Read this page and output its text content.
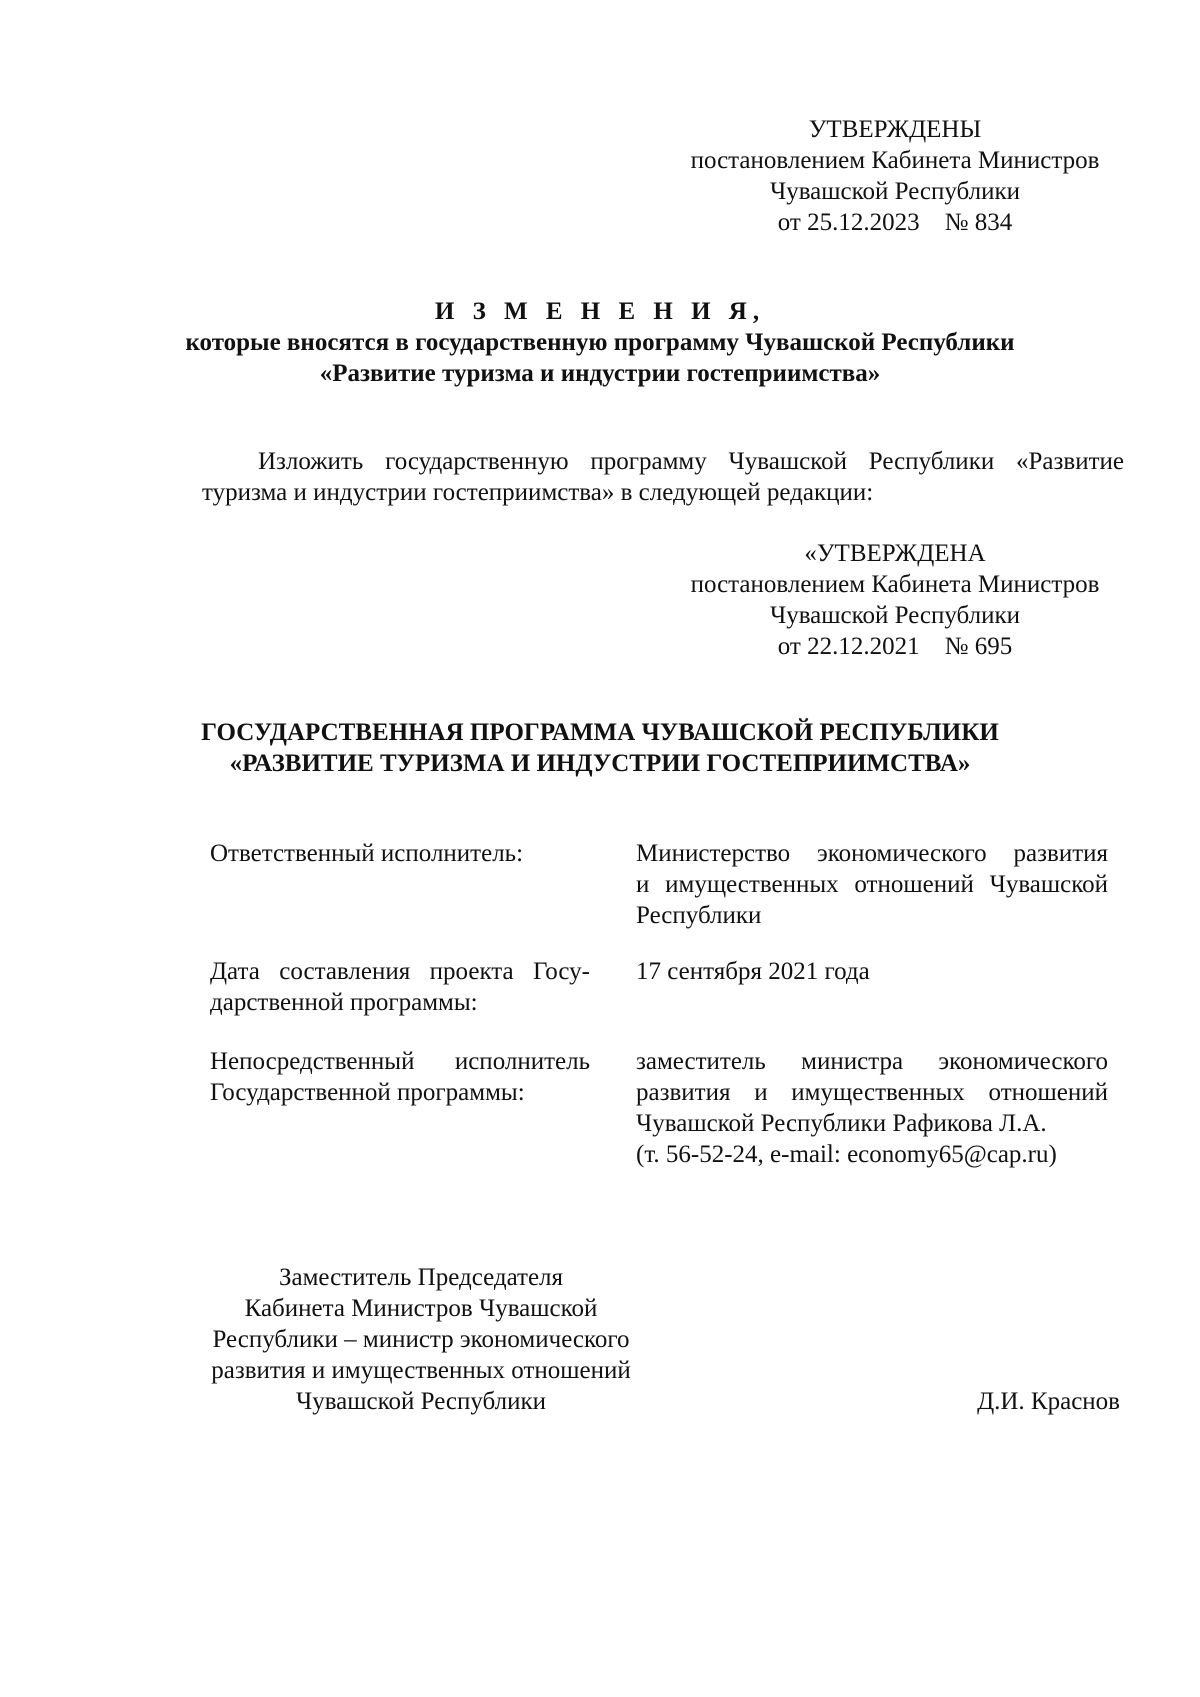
УТВЕРЖДЕНЫ
постановлением Кабинета Министров
Чувашской Республики
от 25.12.2023    № 834
И З М Е Н Е Н И Я,
которые вносятся в государственную программу Чувашской Республики
«Развитие туризма и индустрии гостеприимства»
Изложить государственную программу Чувашской Республики «Развитие туризма и индустрии гостеприимства» в следующей редакции:
«УТВЕРЖДЕНА
постановлением Кабинета Министров
Чувашской Республики
от 22.12.2021    № 695
ГОСУДАРСТВЕННАЯ ПРОГРАММА ЧУВАШСКОЙ РЕСПУБЛИКИ
«РАЗВИТИЕ ТУРИЗМА И ИНДУСТРИИ ГОСТЕПРИИМСТВА»
Ответственный исполнитель:	Министерство экономического развития
и имущественных отношений Чувашской
Республики
Дата составления проекта Госу-
дарственной программы:
17 сентября 2021 года
Непосредственный исполнитель
Государственной программы:
заместитель министра экономического
развития и имущественных отношений
Чувашской Республики Рафикова Л.А.
(т. 56-52-24, e-mail: economy65@cap.ru)
Заместитель Председателя
Кабинета Министров Чувашской
Республики – министр экономического
развития и имущественных отношений
Чувашской Республики	Д.И. Краснов
